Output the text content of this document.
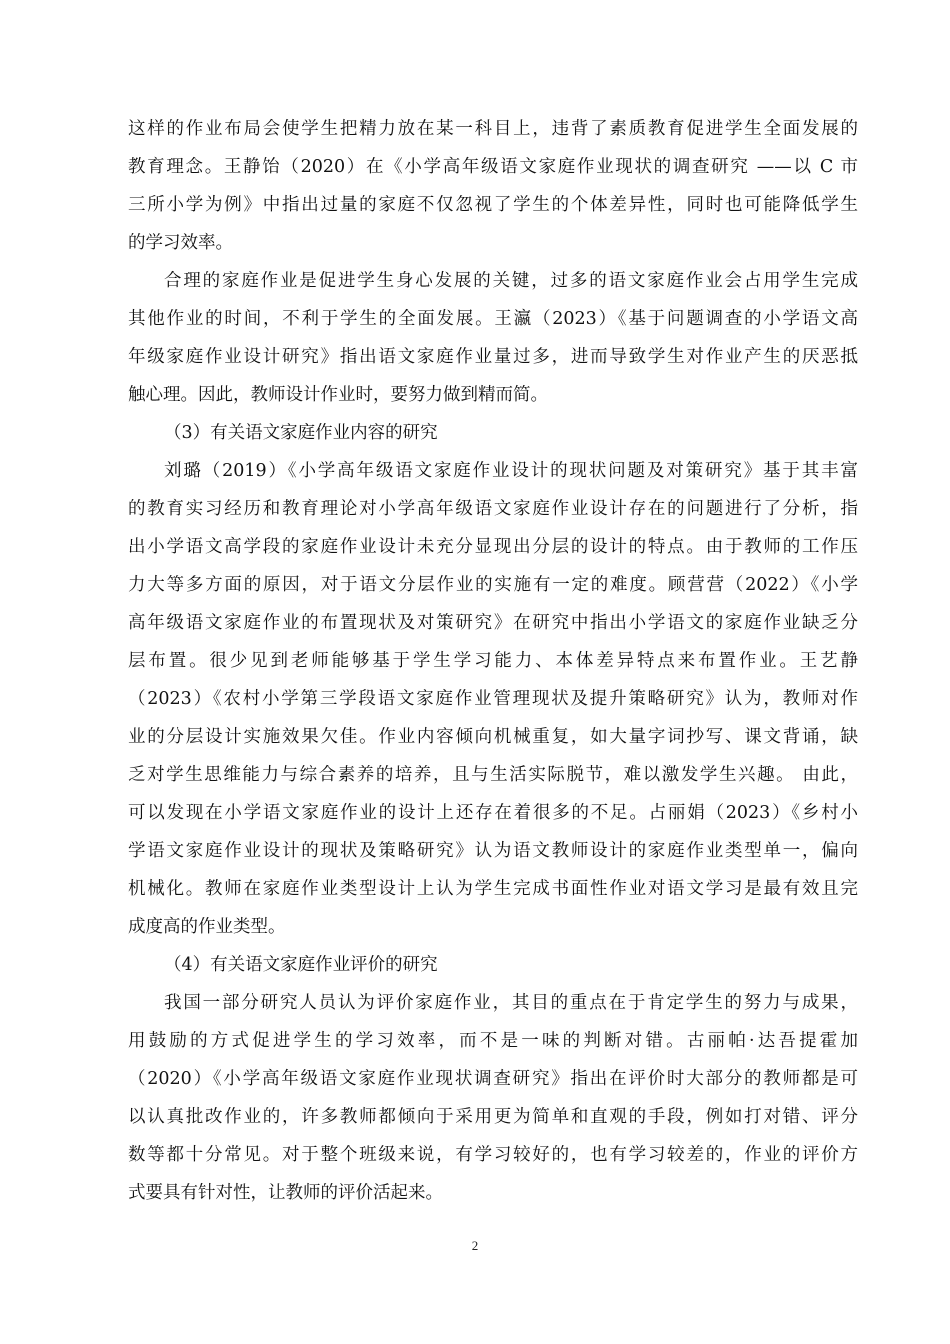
这样的作业布局会使学生把精力放在某一科目上，违背了素质教育促进学生全面发展的
教育理念。王静饴（2020）在《小学高年级语文家庭作业现状的调查研究 ——以 C 市
三所小学为例》中指出过量的家庭不仅忽视了学生的个体差异性，同时也可能降低学生
的学习效率。
合理的家庭作业是促进学生身心发展的关键，过多的语文家庭作业会占用学生完成
其他作业的时间，不利于学生的全面发展。王瀛（2023）《基于问题调查的小学语文高
年级家庭作业设计研究》指出语文家庭作业量过多，进而导致学生对作业产生的厌恶抵
触心理。因此，教师设计作业时，要努力做到精而简。
（3）有关语文家庭作业内容的研究
刘璐（2019）《小学高年级语文家庭作业设计的现状问题及对策研究》基于其丰富
的教育实习经历和教育理论对小学高年级语文家庭作业设计存在的问题进行了分析，指
出小学语文高学段的家庭作业设计未充分显现出分层的设计的特点。由于教师的工作压
力大等多方面的原因，对于语文分层作业的实施有一定的难度。顾营营（2022）《小学
高年级语文家庭作业的布置现状及对策研究》在研究中指出小学语文的家庭作业缺乏分
层布置。很少见到老师能够基于学生学习能力、本体差异特点来布置作业。王艺静
（2023）《农村小学第三学段语文家庭作业管理现状及提升策略研究》认为，教师对作
业的分层设计实施效果欠佳。作业内容倾向机械重复，如大量字词抄写、课文背诵，缺
乏对学生思维能力与综合素养的培养，且与生活实际脱节，难以激发学生兴趣。 由此，
可以发现在小学语文家庭作业的设计上还存在着很多的不足。占丽娟（2023）《乡村小
学语文家庭作业设计的现状及策略研究》认为语文教师设计的家庭作业类型单一，偏向
机械化。教师在家庭作业类型设计上认为学生完成书面性作业对语文学习是最有效且完
成度高的作业类型。
（4）有关语文家庭作业评价的研究
我国一部分研究人员认为评价家庭作业，其目的重点在于肯定学生的努力与成果，
用鼓励的方式促进学生的学习效率，而不是一味的判断对错。古丽帕·达吾提霍加
（2020）《小学高年级语文家庭作业现状调查研究》指出在评价时大部分的教师都是可
以认真批改作业的，许多教师都倾向于采用更为简单和直观的手段，例如打对错、评分
数等都十分常见。对于整个班级来说，有学习较好的，也有学习较差的，作业的评价方
式要具有针对性，让教师的评价活起来。
2
